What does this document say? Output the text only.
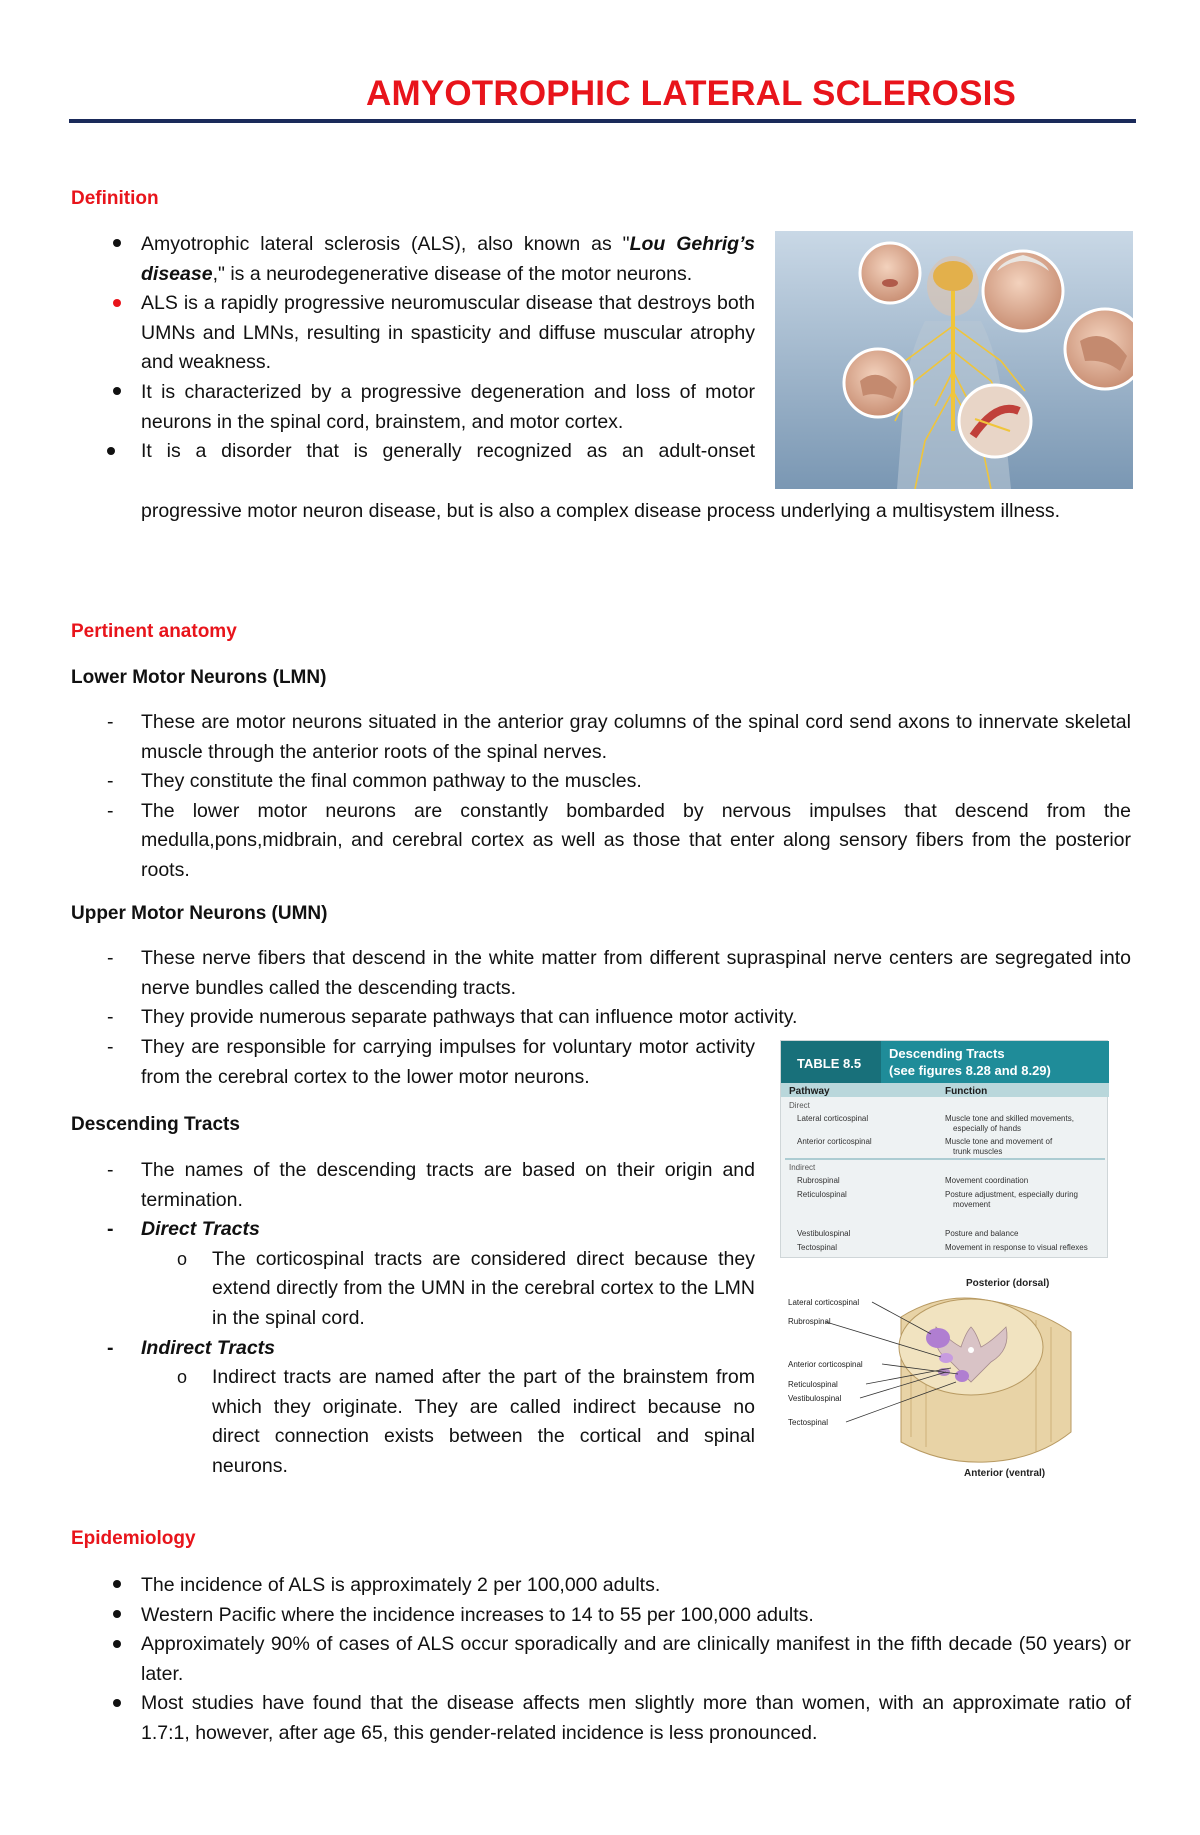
AMYOTROPHIC LATERAL SCLEROSIS
Definition
Amyotrophic lateral sclerosis (ALS), also known as "Lou Gehrig’s disease," is a neurodegenerative disease of the motor neurons.
ALS is a rapidly progressive neuromuscular disease that destroys both UMNs and LMNs, resulting in spasticity and diffuse muscular atrophy and weakness.
It is characterized by a progressive degeneration and loss of motor neurons in the spinal cord, brainstem, and motor cortex.
It is a disorder that is generally recognized as an adult-onset
progressive motor neuron disease, but is also a complex disease process underlying a multisystem illness.
Pertinent anatomy
Lower Motor Neurons (LMN)
- These are motor neurons situated in the anterior gray columns of the spinal cord send axons to innervate skeletal muscle through the anterior roots of the spinal nerves.
- They constitute the final common pathway to the muscles.
- The lower motor neurons are constantly bombarded by nervous impulses that descend from the medulla,pons,midbrain, and cerebral cortex as well as those that enter along sensory fibers from the posterior roots.
Upper Motor Neurons (UMN)
- These nerve fibers that descend in the white matter from different supraspinal nerve centers are segregated into nerve bundles called the descending tracts.
- They provide numerous separate pathways that can influence motor activity.
- They are responsible for carrying impulses for voluntary motor activity from the cerebral cortex to the lower motor neurons.
Descending Tracts
- The names of the descending tracts are based on their origin and termination.
- Direct Tracts
o The corticospinal tracts are considered direct because they extend directly from the UMN in the cerebral cortex to the LMN in the spinal cord.
- Indirect Tracts
o Indirect tracts are named after the part of the brainstem from which they originate. They are called indirect because no direct connection exists between the cortical and spinal neurons.
TABLE 8.5
Descending Tracts
(see figures 8.28 and 8.29)
Pathway	Function
Direct
Lateral corticospinal	Muscle tone and skilled movements,
especially of hands
Anterior corticospinal	Muscle tone and movement of
trunk muscles
Indirect
Rubrospinal	Movement coordination
Reticulospinal	Posture adjustment, especially during
movement
Vestibulospinal	Posture and balance
Tectospinal	Movement in response to visual reflexes
Posterior (dorsal)
Anterior (ventral)
Lateral corticospinal
Rubrospinal
Anterior corticospinal
Reticulospinal
Vestibulospinal
Tectospinal
Epidemiology
The incidence of ALS is approximately 2 per 100,000 adults.
Western Pacific where the incidence increases to 14 to 55 per 100,000 adults.
Approximately 90% of cases of ALS occur sporadically and are clinically manifest in the fifth decade (50 years) or later.
Most studies have found that the disease affects men slightly more than women, with an approximate ratio of 1.7:1, however, after age 65, this gender-related incidence is less pronounced.
